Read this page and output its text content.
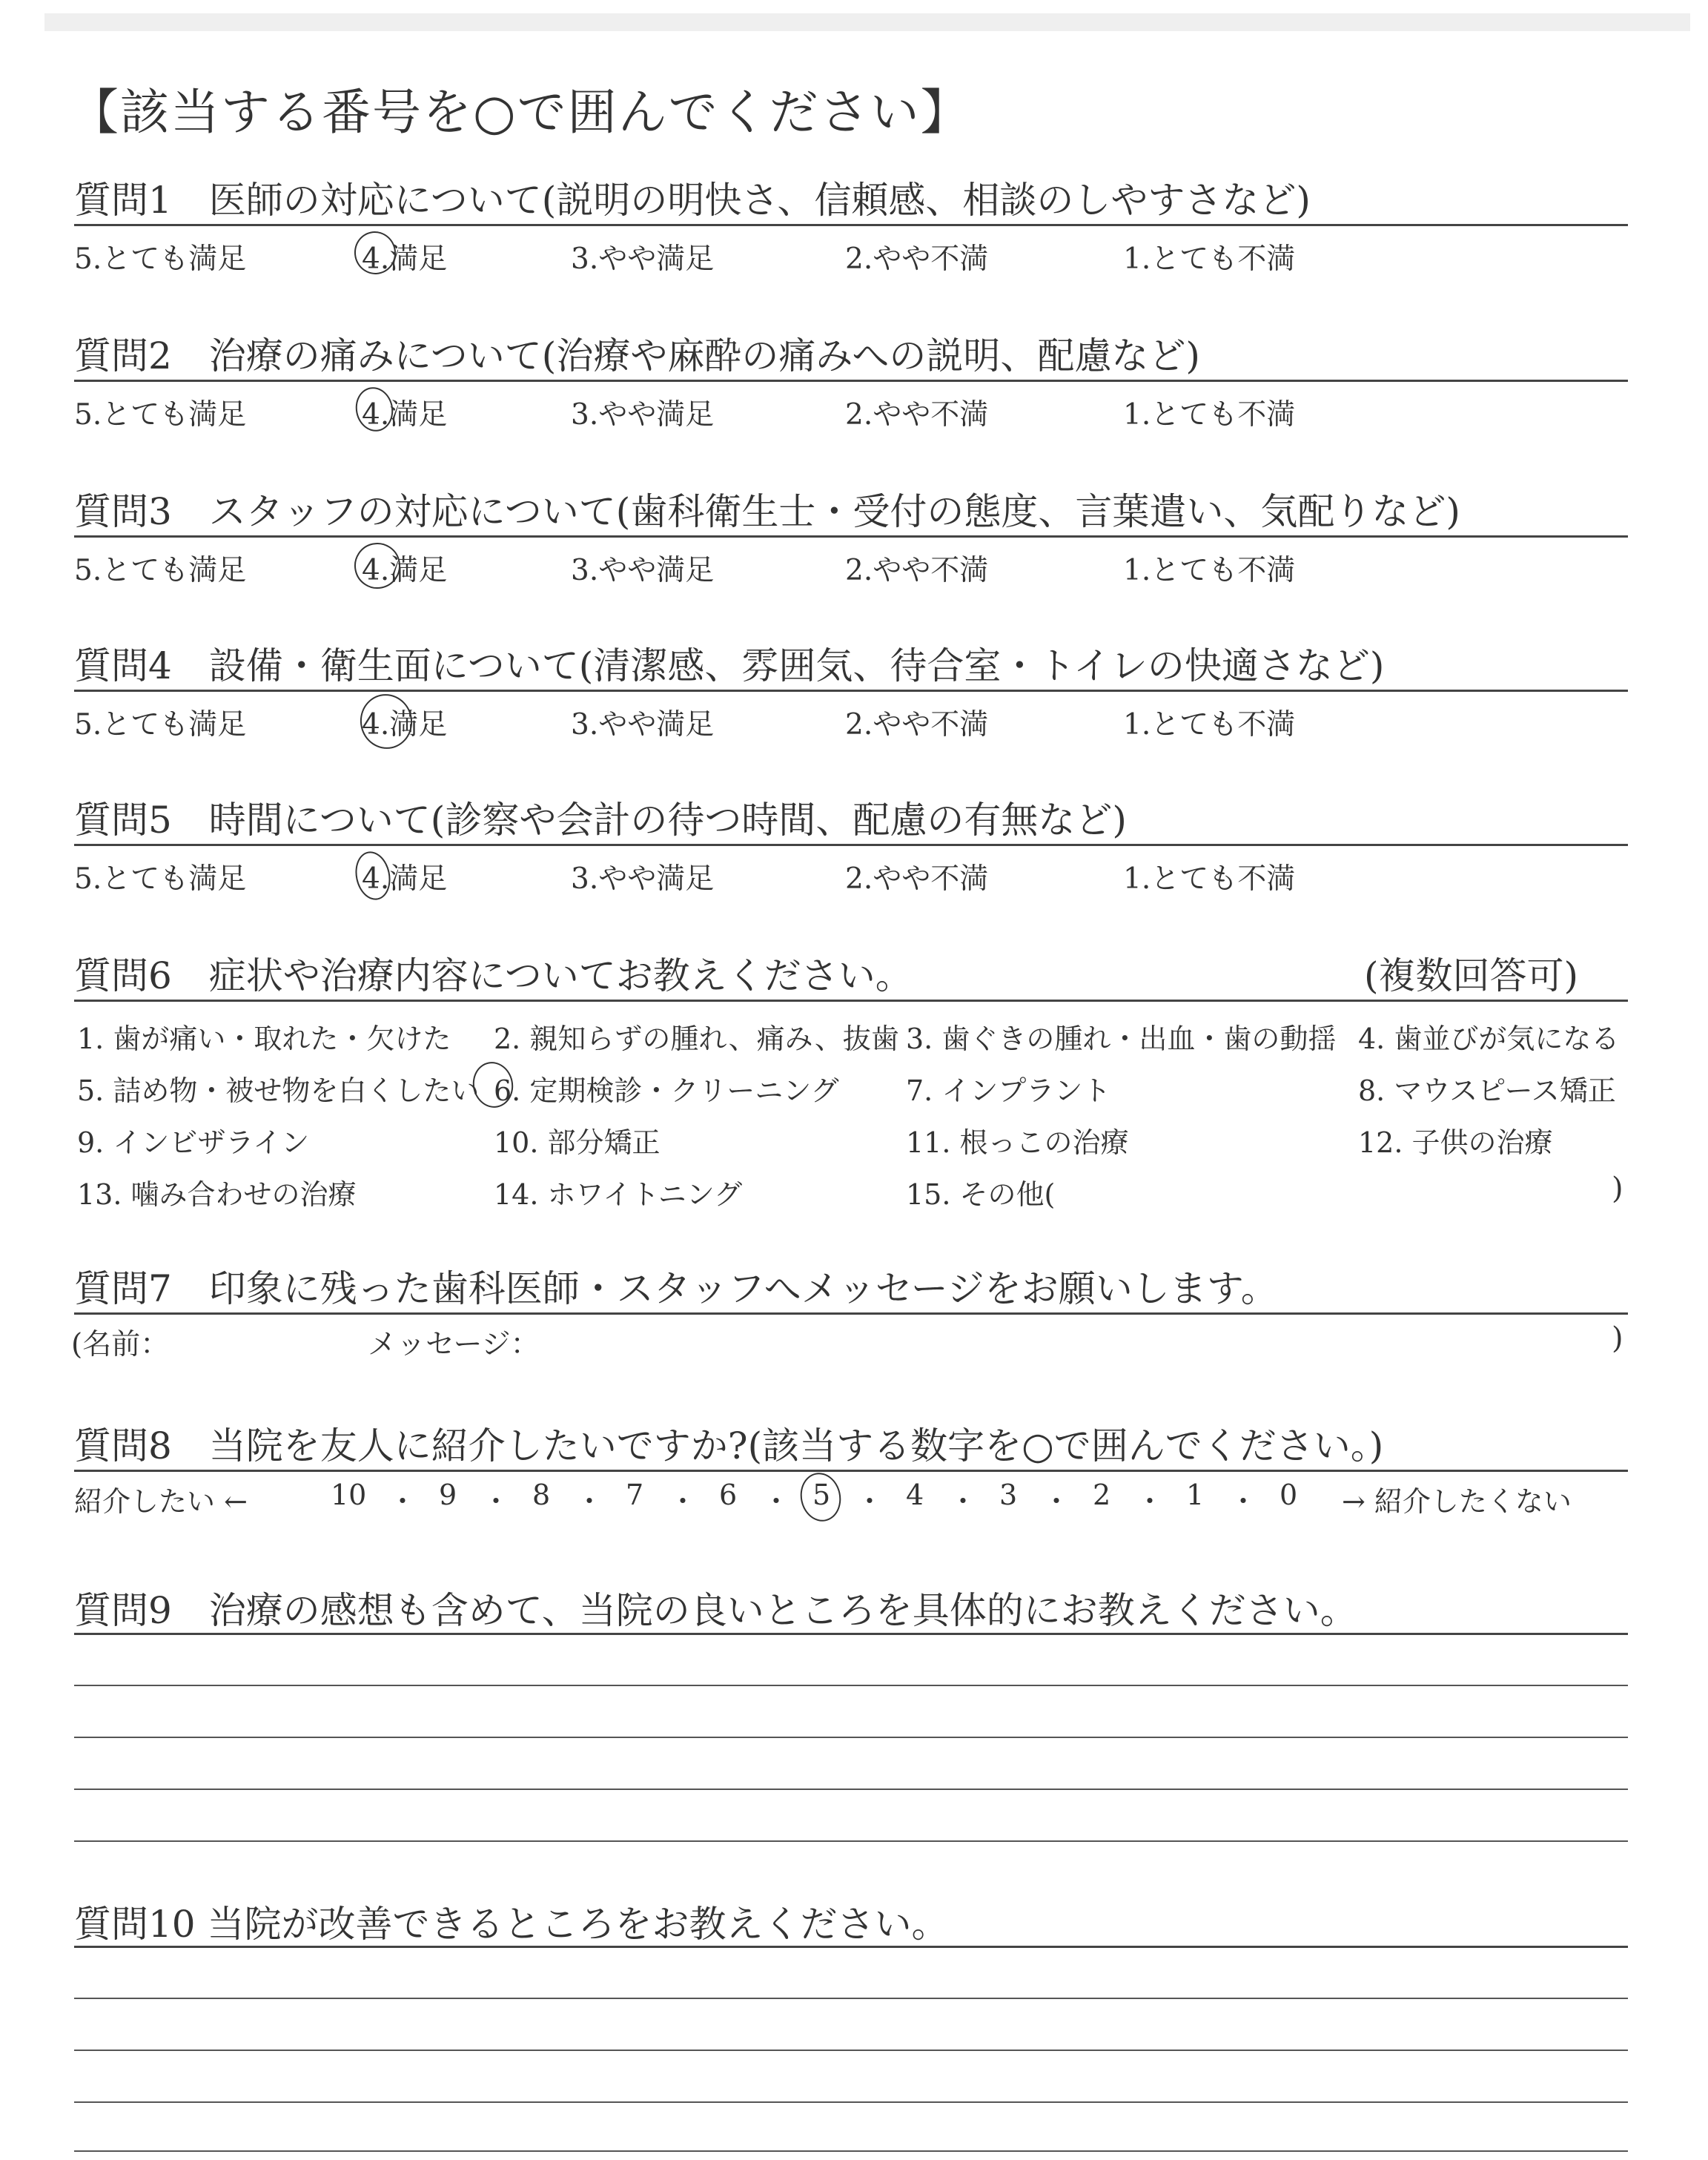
【該当する番号を○で囲んでください】
質問1　医師の対応について(説明の明快さ、信頼感、相談のしやすさなど)
5.とても満足	4.満足	3.やや満足	2.やや不満	1.とても不満
質問2　治療の痛みについて(治療や麻酔の痛みへの説明、配慮など)
5.とても満足	4.満足	3.やや満足	2.やや不満	1.とても不満
質問3　スタッフの対応について(歯科衛生士・受付の態度、言葉遣い、気配りなど)
5.とても満足	4.満足	3.やや満足	2.やや不満	1.とても不満
質問4　設備・衛生面について(清潔感、雰囲気、待合室・トイレの快適さなど)
5.とても満足	4.満足	3.やや満足	2.やや不満	1.とても不満
質問5　時間について(診察や会計の待つ時間、配慮の有無など)
5.とても満足	4.満足	3.やや満足	2.やや不満	1.とても不満
質問6　症状や治療内容についてお教えください。	(複数回答可)
1. 歯が痛い・取れた・欠けた 2. 親知らずの腫れ、痛み、抜歯 3. 歯ぐきの腫れ・出血・歯の動揺 4. 歯並びが気になる
5. 詰め物・被せ物を白くしたい 6. 定期検診・クリーニング 7. インプラント	8. マウスピース矯正
9. インビザライン	10. 部分矯正	11. 根っこの治療	12. 子供の治療
13. 噛み合わせの治療	14. ホワイトニング	15. その他(	)
質問7　印象に残った歯科医師・スタッフへメッセージをお願いします。
(名前：	メッセージ：	)
質問8　当院を友人に紹介したいですか?(該当する数字を○で囲んでください。)
紹介したい ←	→ 紹介したくない
10 ・ 9 ・ 8 ・ 7 ・ 6 ・ 5 ・ 4 ・ 3 ・ 2 ・ 1 ・ 0
質問9　治療の感想も含めて、当院の良いところを具体的にお教えください。
質問10 当院が改善できるところをお教えください。
